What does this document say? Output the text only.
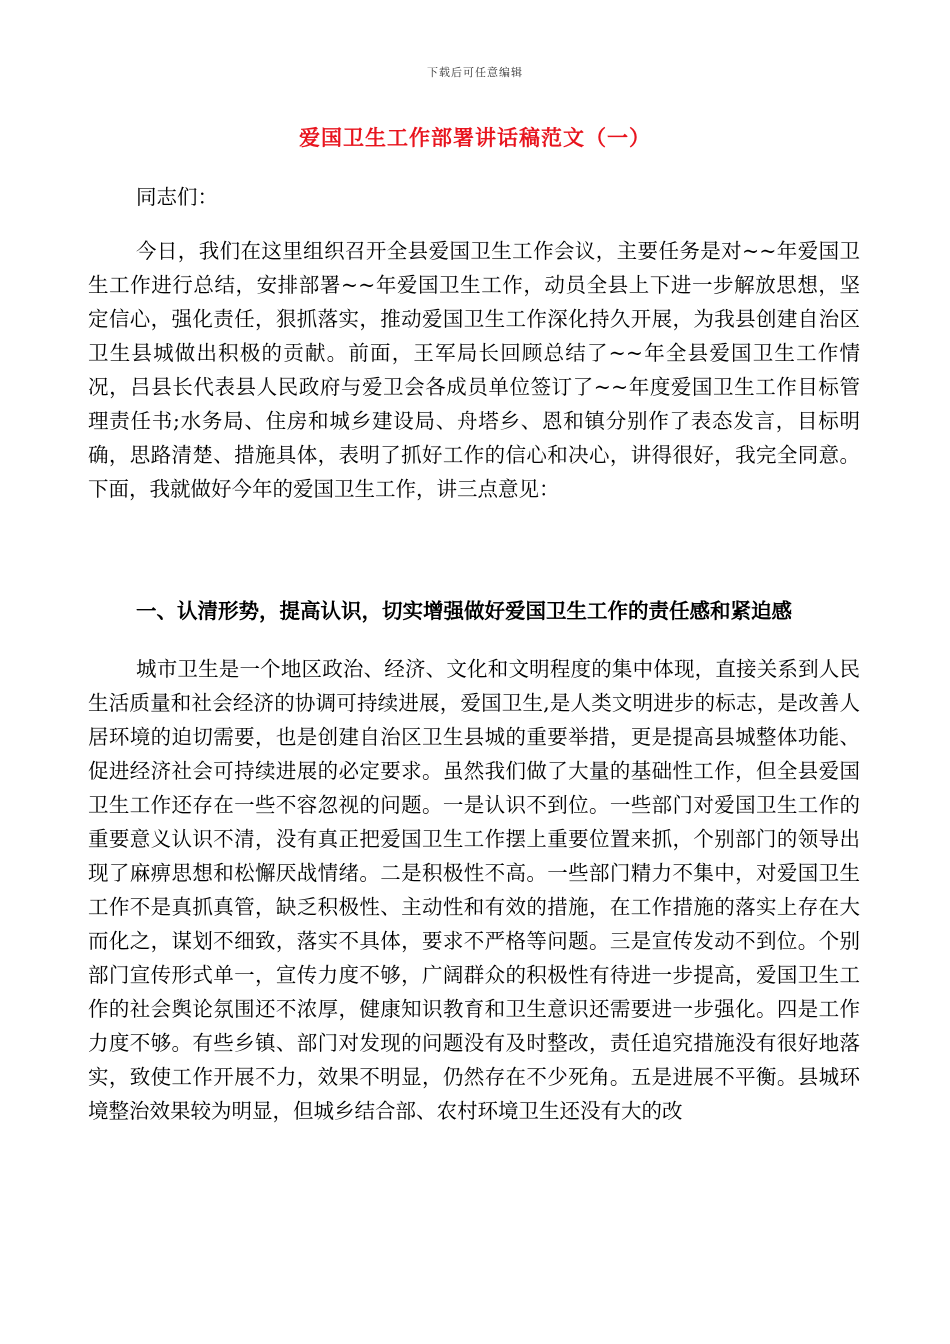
下载后可任意编辑
爱国卫生工作部署讲话稿范文（一）

同志们：

今日，我们在这里组织召开全县爱国卫生工作会议，主要任务是对~~年爱国卫生工作进行总结，安排部署~~年爱国卫生工作，动员全县上下进一步解放思想，坚定信心，强化责任，狠抓落实，推动爱国卫生工作深化持久开展，为我县创建自治区卫生县城做出积极的贡献。前面，王军局长回顾总结了~~年全县爱国卫生工作情况，吕县长代表县人民政府与爱卫会各成员单位签订了~~年度爱国卫生工作目标管理责任书;水务局、住房和城乡建设局、舟塔乡、恩和镇分别作了表态发言，目标明确，思路清楚、措施具体，表明了抓好工作的信心和决心，讲得很好，我完全同意。下面，我就做好今年的爱国卫生工作，讲三点意见：

一、认清形势，提高认识，切实增强做好爱国卫生工作的责任感和紧迫感

城市卫生是一个地区政治、经济、文化和文明程度的集中体现，直接关系到人民生活质量和社会经济的协调可持续进展，爱国卫生,是人类文明进步的标志，是改善人居环境的迫切需要，也是创建自治区卫生县城的重要举措，更是提高县城整体功能、促进经济社会可持续进展的必定要求。虽然我们做了大量的基础性工作，但全县爱国卫生工作还存在一些不容忽视的问题。一是认识不到位。一些部门对爱国卫生工作的重要意义认识不清，没有真正把爱国卫生工作摆上重要位置来抓，个别部门的领导出现了麻痹思想和松懈厌战情绪。二是积极性不高。一些部门精力不集中，对爱国卫生工作不是真抓真管，缺乏积极性、主动性和有效的措施，在工作措施的落实上存在大而化之，谋划不细致，落实不具体，要求不严格等问题。三是宣传发动不到位。个别部门宣传形式单一，宣传力度不够，广阔群众的积极性有待进一步提高，爱国卫生工作的社会舆论氛围还不浓厚，健康知识教育和卫生意识还需要进一步强化。四是工作力度不够。有些乡镇、部门对发现的问题没有及时整改，责任追究措施没有很好地落实，致使工作开展不力，效果不明显，仍然存在不少死角。五是进展不平衡。县城环境整治效果较为明显，但城乡结合部、农村环境卫生还没有大的改
